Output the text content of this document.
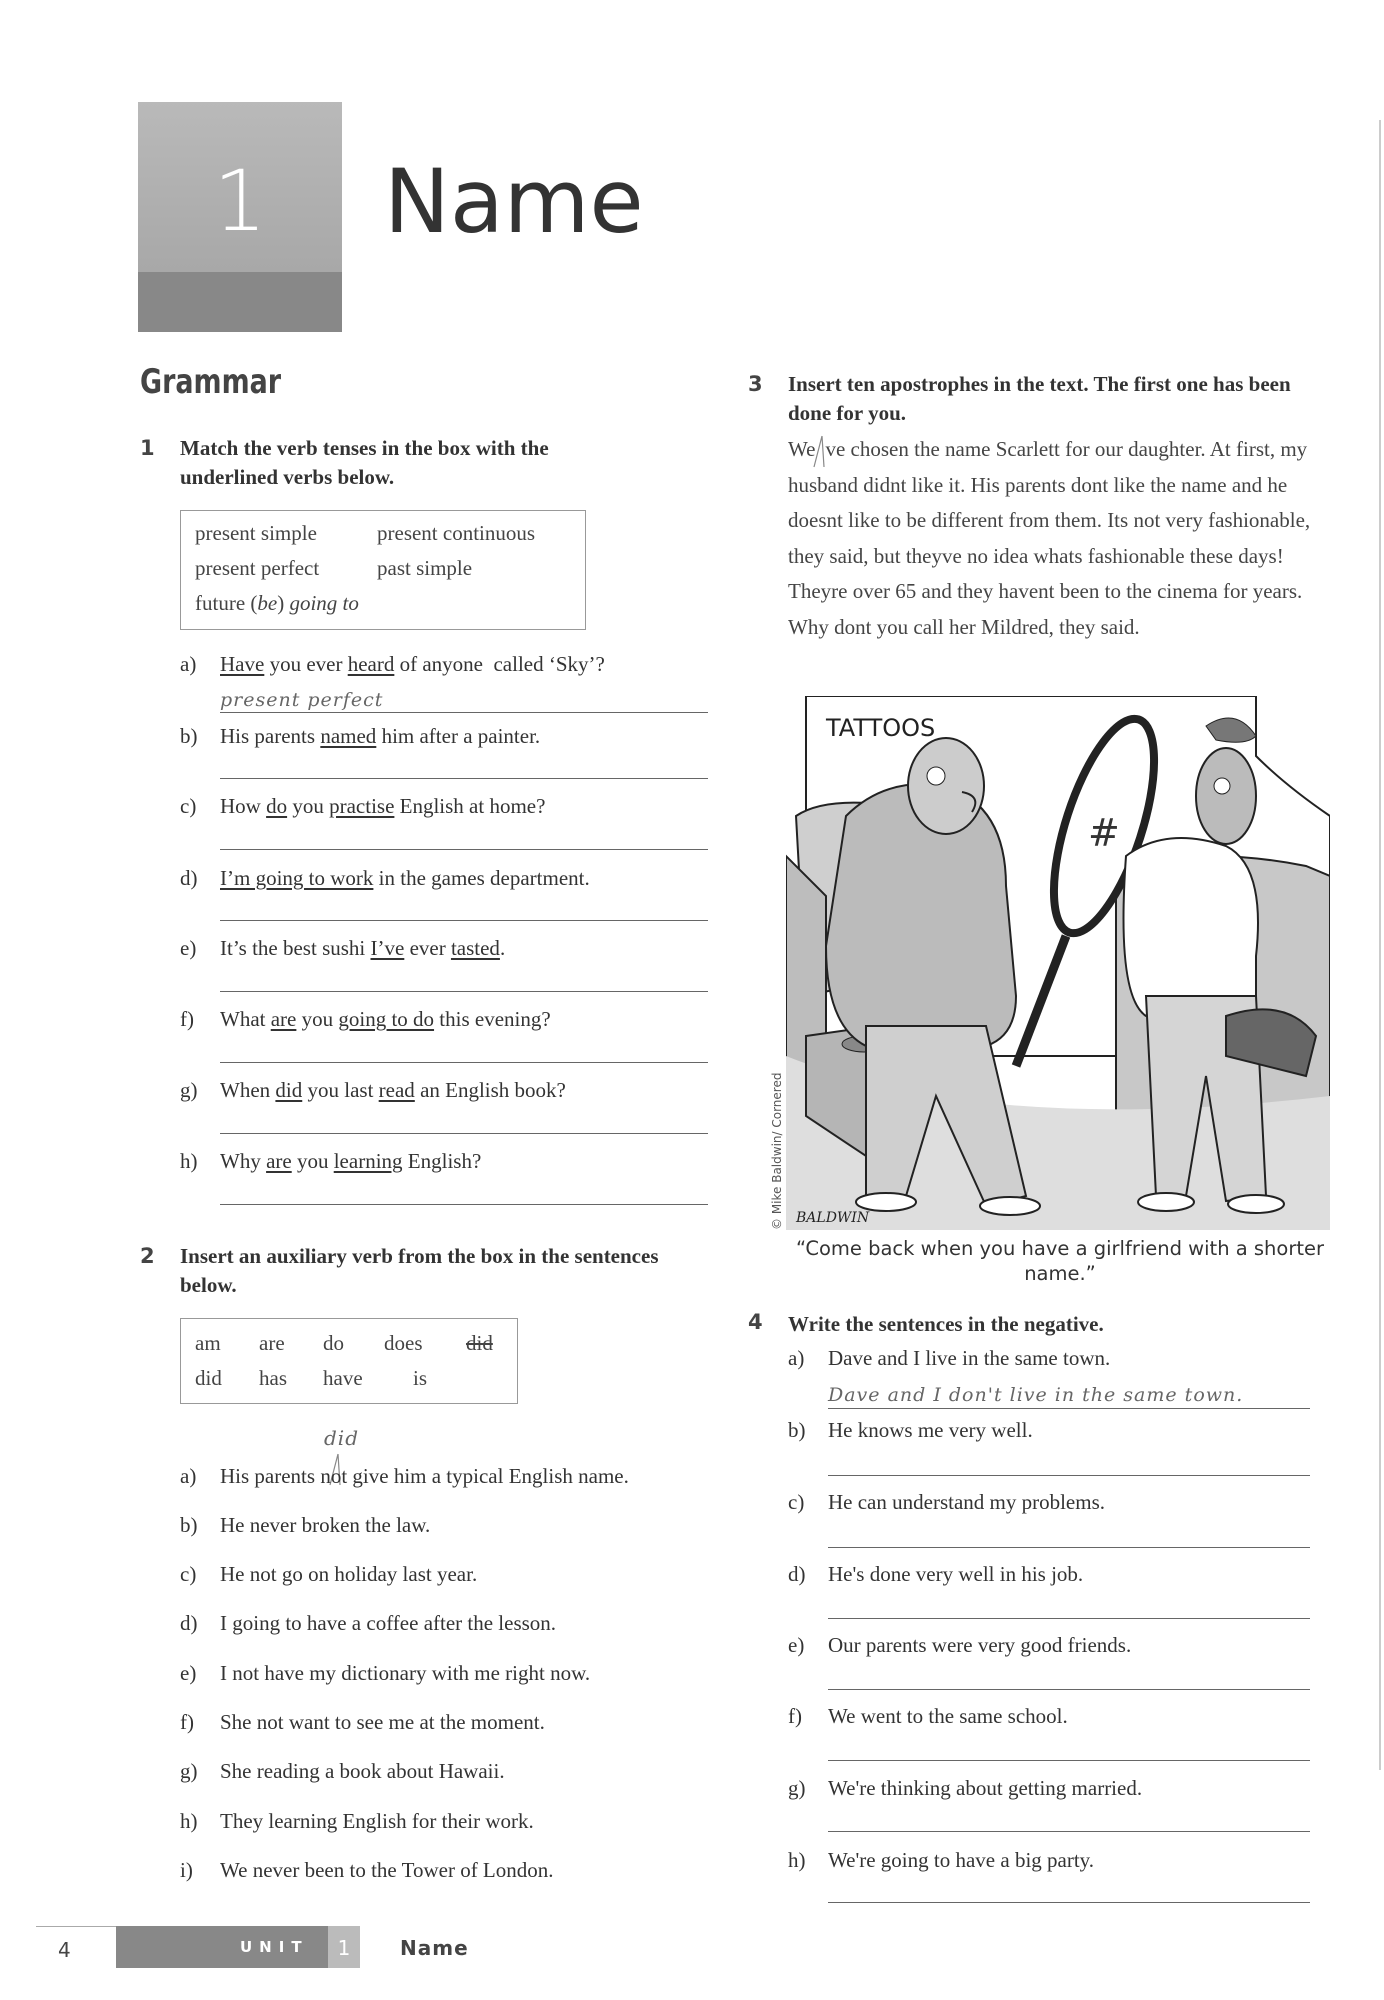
1	Name
Grammar
1 Match the verb tenses in the box with the underlined verbs below.
present simple	present continuous
present perfect	past simple
future (be) going to
a)	Have you ever heard of anyone  called ‘Sky’?
present perfect
b)	His parents named him after a painter.
c)	How do you practise English at home?
d)	I’m going to work in the games department.
e)	It’s the best sushi I’ve ever tasted.
f)	What are you going to do this evening?
g)	When did you last read an English book?
h)	Why are you learning English?
2 Insert an auxiliary verb from the box in the sentences below.
am are do does did
did has have is
did
a)	His parents not give him a typical English name.
b)	He never broken the law.
c)	He not go on holiday last year.
d)	I going to have a coffee after the lesson.
e)	I not have my dictionary with me right now.
f)	She not want to see me at the moment.
g)	She reading a book about Hawaii.
h)	They learning English for their work.
i)	We never been to the Tower of London.
3 Insert ten apostrophes in the text. The first one has been done for you.
We ve chosen the name Scarlett for our daughter. At first, my husband didnt like it. His parents dont like the name and he doesnt like to be different from them. Its not very fashionable, they said, but theyve no idea whats fashionable these days! Theyre over 65 and they havent been to the cinema for years. Why dont you call her Mildred, they said.
#
TATTOOS
BALDWIN
© Mike Baldwin/ Cornered
“Come back when you have a girlfriend with a shorter name.”
4 Write the sentences in the negative.
a)	Dave and I live in the same town.
Dave and I don't live in the same town.
b)	He knows me very well.
c)	He can understand my problems.
d)	He's done very well in his job.
e)	Our parents were very good friends.
f)	We went to the same school.
g)	We're thinking about getting married.
h)	We're going to have a big party.
4	UNIT	1	Name
